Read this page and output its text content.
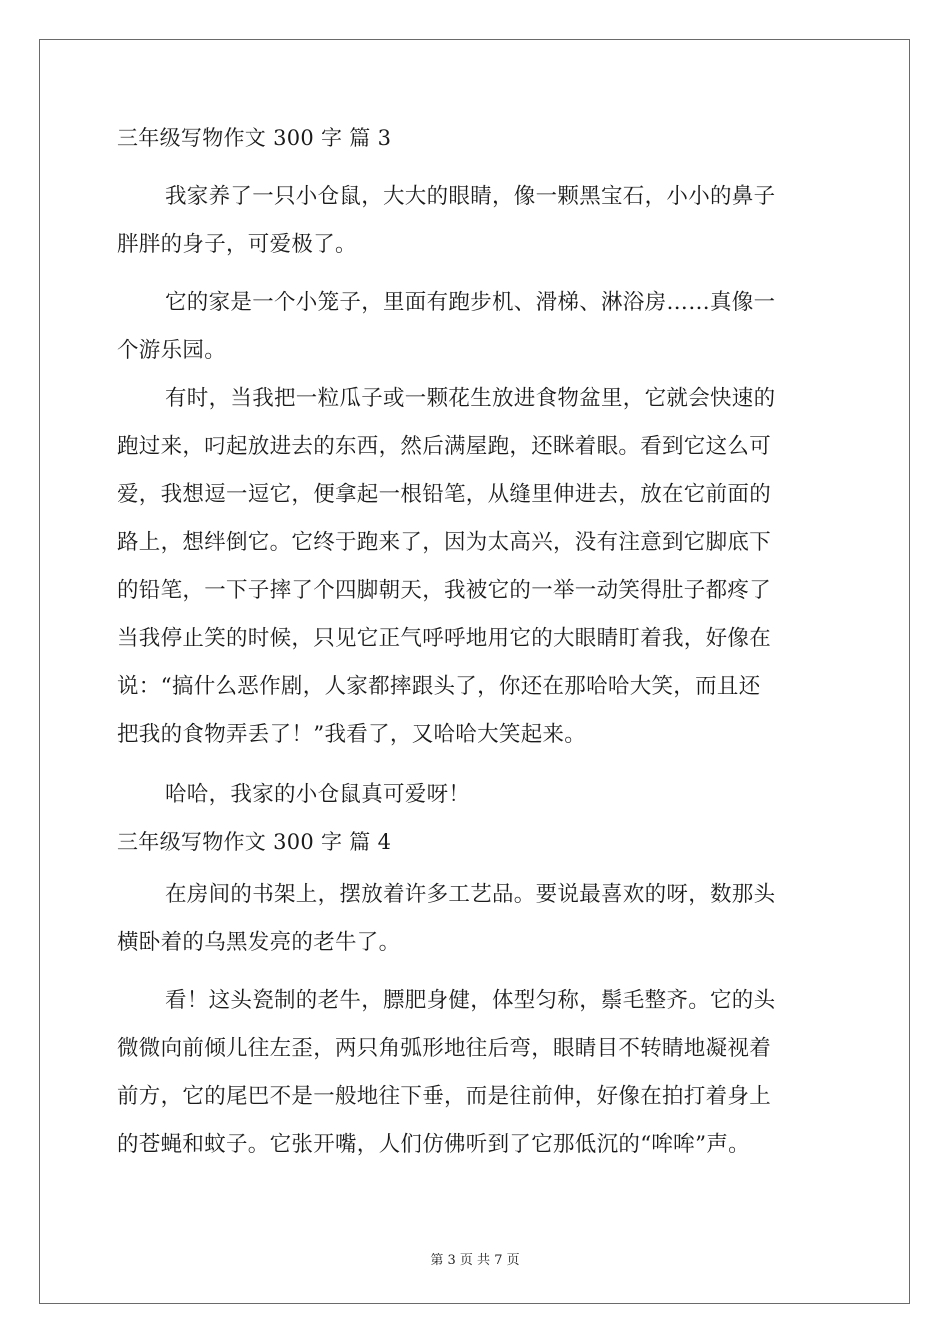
三年级写物作文 300 字 篇 3
我家养了一只小仓鼠，大大的眼睛，像一颗黑宝石，小小的鼻子
胖胖的身子，可爱极了。
它的家是一个小笼子，里面有跑步机、滑梯、淋浴房……真像一
个游乐园。
有时，当我把一粒瓜子或一颗花生放进食物盆里，它就会快速的
跑过来，叼起放进去的东西，然后满屋跑，还眯着眼。看到它这么可
爱，我想逗一逗它，便拿起一根铅笔，从缝里伸进去，放在它前面的
路上，想绊倒它。它终于跑来了，因为太高兴，没有注意到它脚底下
的铅笔，一下子摔了个四脚朝天，我被它的一举一动笑得肚子都疼了
当我停止笑的时候，只见它正气呼呼地用它的大眼睛盯着我，好像在
说：“搞什么恶作剧，人家都摔跟头了，你还在那哈哈大笑，而且还
把我的食物弄丢了！”我看了，又哈哈大笑起来。
哈哈，我家的小仓鼠真可爱呀！
三年级写物作文 300 字 篇 4
在房间的书架上，摆放着许多工艺品。要说最喜欢的呀，数那头
横卧着的乌黑发亮的老牛了。
看！这头瓷制的老牛，膘肥身健，体型匀称，鬃毛整齐。它的头
微微向前倾儿往左歪，两只角弧形地往后弯，眼睛目不转睛地凝视着
前方，它的尾巴不是一般地往下垂，而是往前伸，好像在拍打着身上
的苍蝇和蚊子。它张开嘴，人们仿佛听到了它那低沉的“哞哞”声。
第 3 页 共 7 页
